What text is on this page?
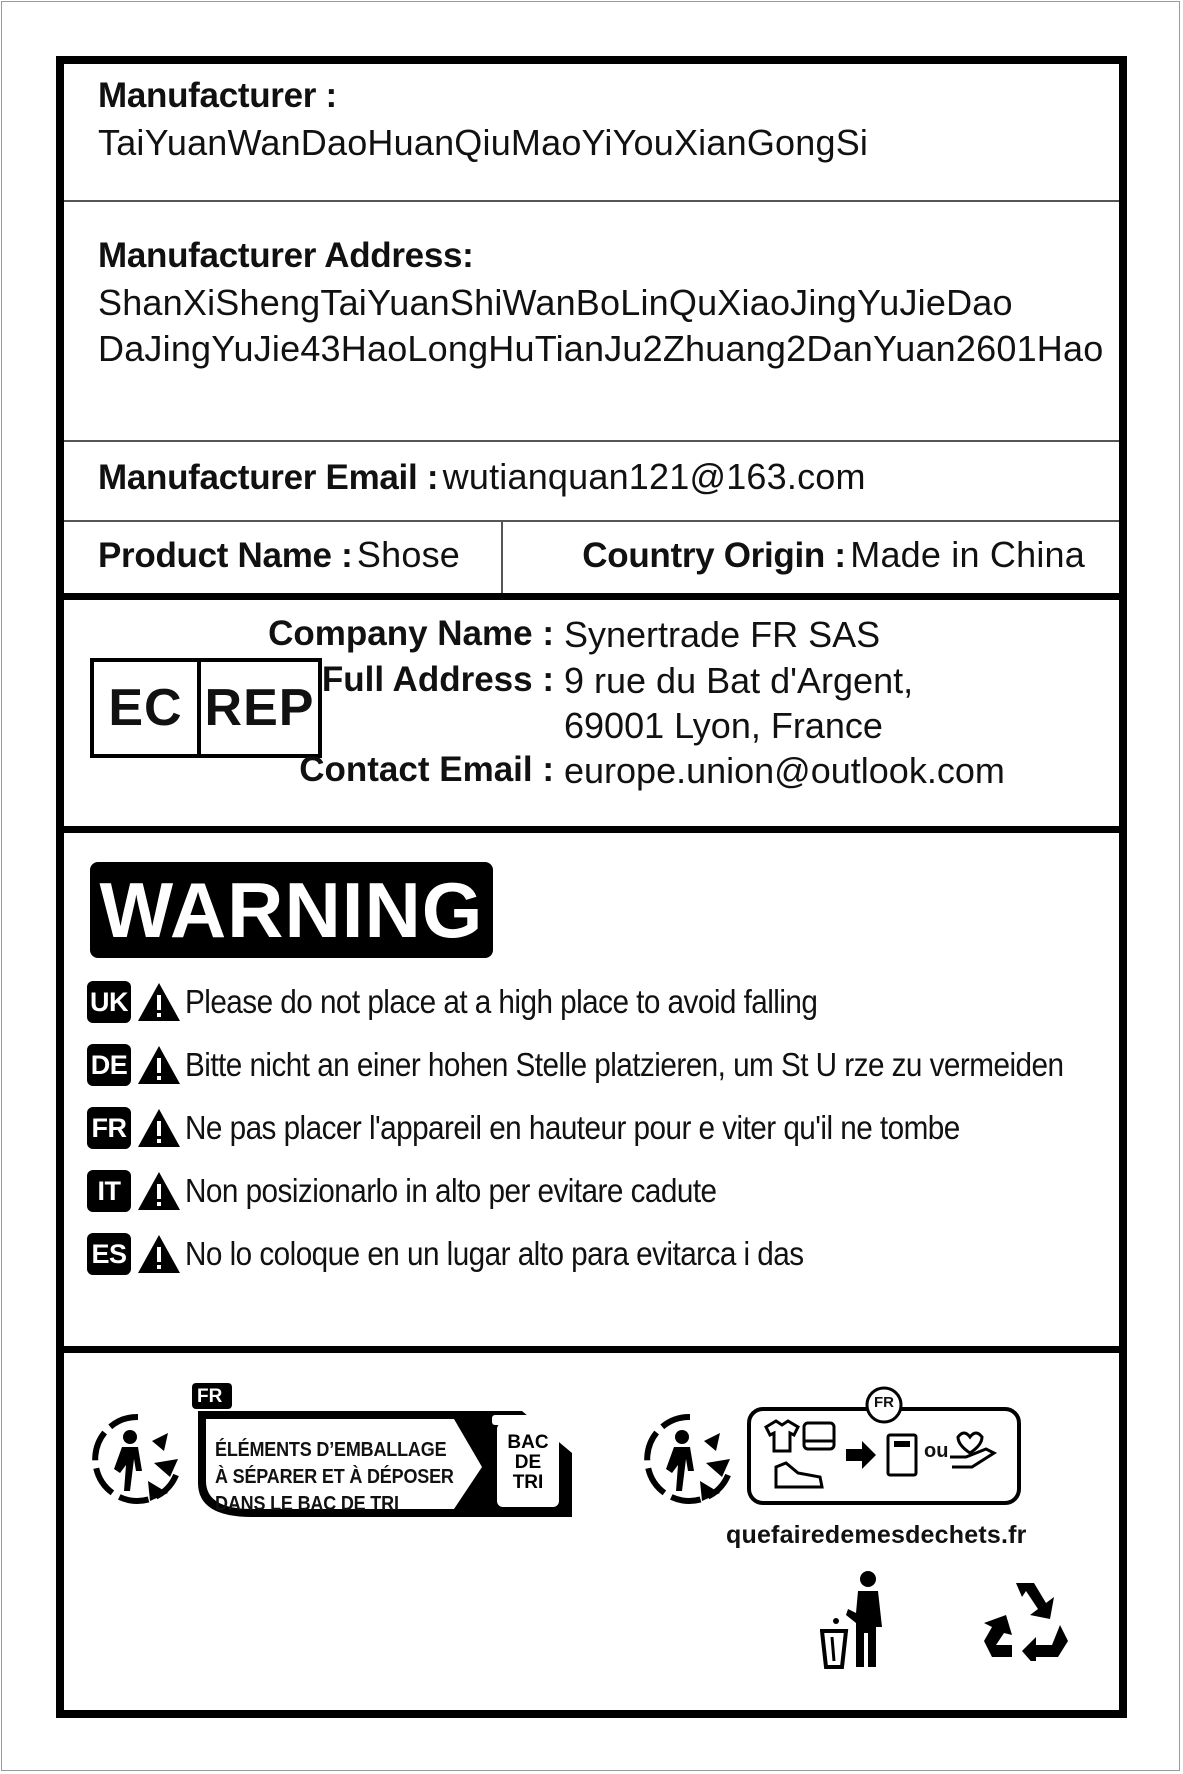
Manufacturer :
TaiYuanWanDaoHuanQiuMaoYiYouXianGongSi
Manufacturer Address:
ShanXiShengTaiYuanShiWanBoLinQuXiaoJingYuJieDao
DaJingYuJie43HaoLongHuTianJu2Zhuang2DanYuan2601Hao
Manufacturer Email : wutianquan121@163.com
Product Name : Shose	Country Origin : Made in China
EC REP
Company Name : Synertrade FR SAS
Full Address : 9 rue du Bat d'Argent,
69001 Lyon, France
Contact Email : europe.union@outlook.com
WARNING
UK Please do not place at a high place to avoid falling
DE Bitte nicht an einer hohen Stelle platzieren, um St U rze zu vermeiden
FR Ne pas placer l'appareil en hauteur pour e viter qu'il ne tombe
IT	Non posizionarlo in alto per evitare cadute
ES No lo coloque en un lugar alto para evitarca i das
FR
ÉLÉMENTS D’EMBALLAGE
À SÉPARER ET À DÉPOSER
DANS LE BAC DE TRI
BAC
DE
TRI
FR
ou
quefairedemesdechets.fr
